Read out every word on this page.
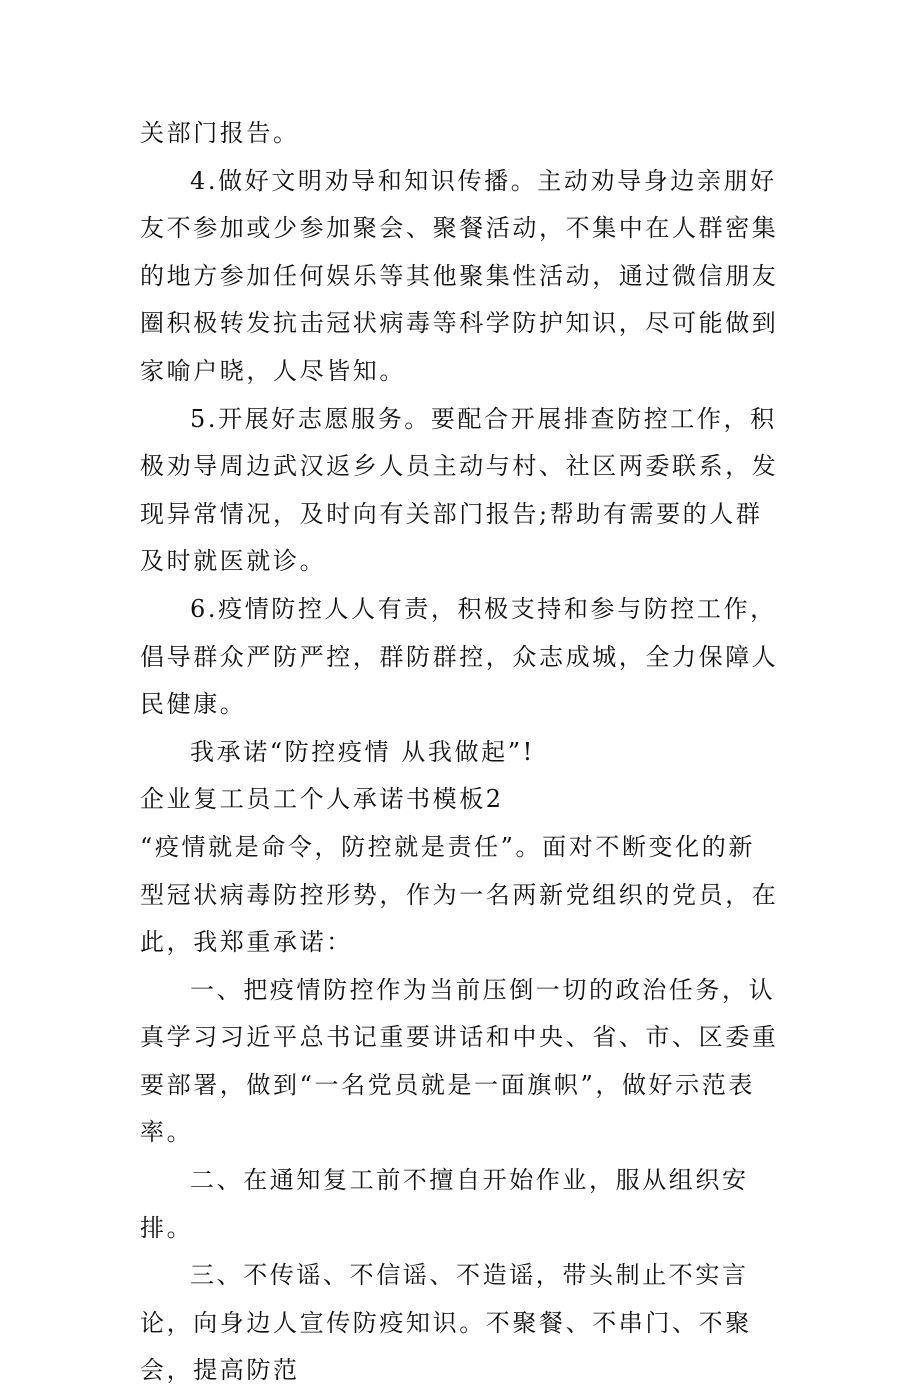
关部门报告。

4.做好文明劝导和知识传播。主动劝导身边亲朋好友不参加或少参加聚会、聚餐活动，不集中在人群密集的地方参加任何娱乐等其他聚集性活动，通过微信朋友圈积极转发抗击冠状病毒等科学防护知识，尽可能做到家喻户晓，人尽皆知。

5.开展好志愿服务。要配合开展排查防控工作，积极劝导周边武汉返乡人员主动与村、社区两委联系，发现异常情况，及时向有关部门报告;帮助有需要的人群及时就医就诊。

6.疫情防控人人有责，积极支持和参与防控工作，倡导群众严防严控，群防群控，众志成城，全力保障人民健康。

我承诺“防控疫情 从我做起”!

企业复工员工个人承诺书模板2

“疫情就是命令，防控就是责任”。面对不断变化的新型冠状病毒防控形势，作为一名两新党组织的党员，在此，我郑重承诺：

一、把疫情防控作为当前压倒一切的政治任务，认真学习习近平总书记重要讲话和中央、省、市、区委重要部署，做到“一名党员就是一面旗帜”，做好示范表率。

二、在通知复工前不擅自开始作业，服从组织安排。

三、不传谣、不信谣、不造谣，带头制止不实言论，向身边人宣传防疫知识。不聚餐、不串门、不聚会，提高防范
